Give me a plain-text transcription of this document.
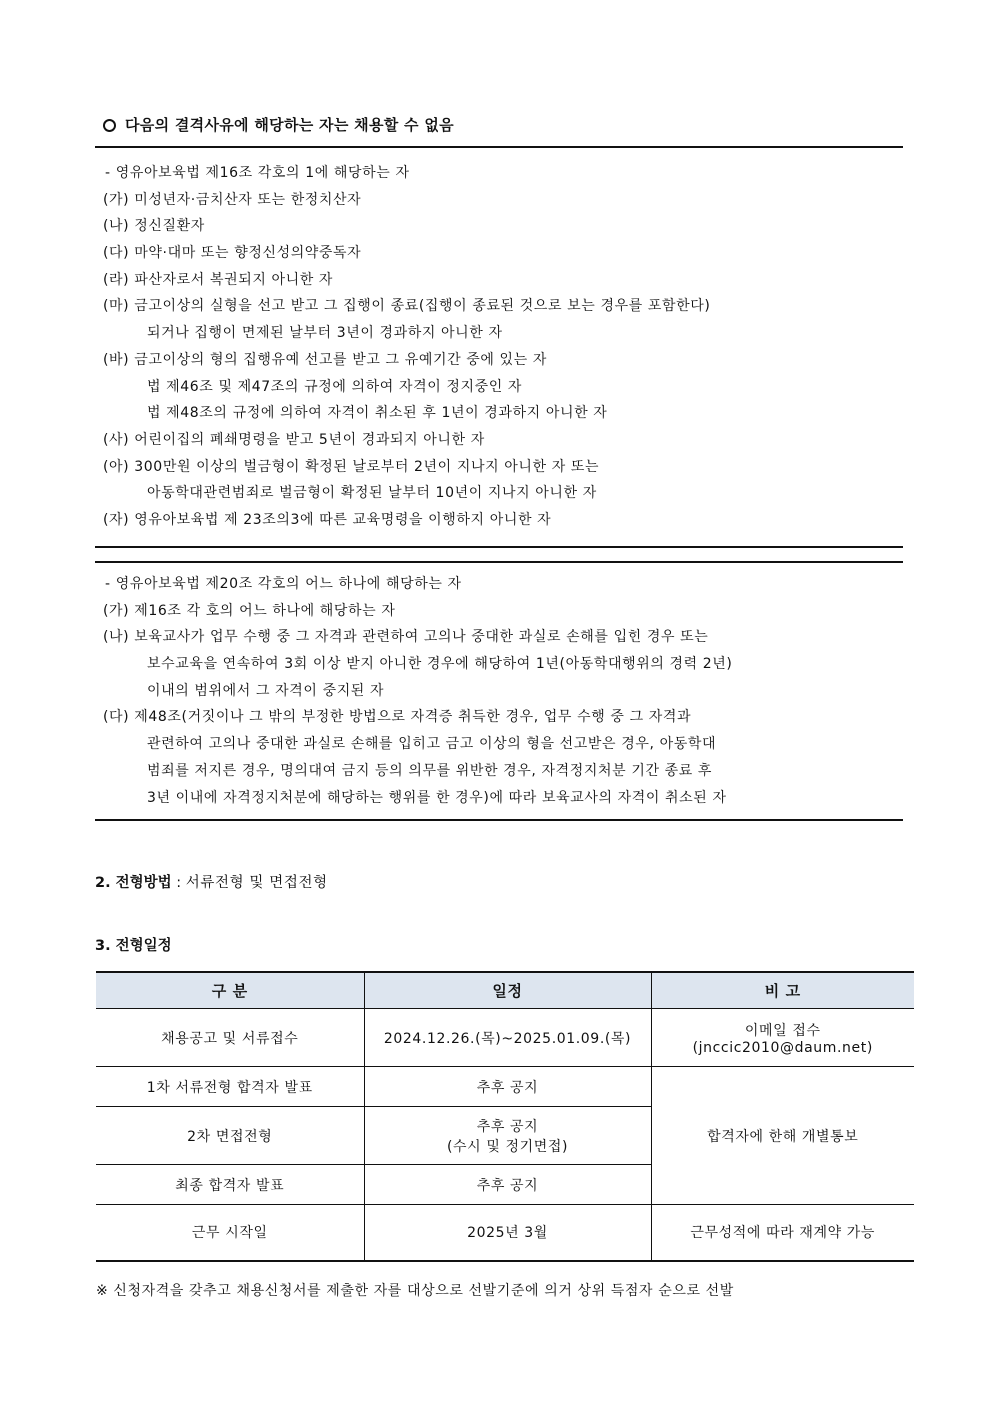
다음의 결격사유에 해당하는 자는 채용할 수 없음
- 영유아보육법 제16조 각호의 1에 해당하는 자
(가) 미성년자·금치산자 또는 한정치산자
(나) 정신질환자
(다) 마약·대마 또는 향정신성의약중독자
(라) 파산자로서 복권되지 아니한 자
(마) 금고이상의 실형을 선고 받고 그 집행이 종료(집행이 종료된 것으로 보는 경우를 포함한다)
되거나 집행이 면제된 날부터 3년이 경과하지 아니한 자
(바) 금고이상의 형의 집행유예 선고를 받고 그 유예기간 중에 있는 자
법 제46조 및 제47조의 규정에 의하여 자격이 정지중인 자
법 제48조의 규정에 의하여 자격이 취소된 후 1년이 경과하지 아니한 자
(사) 어린이집의 폐쇄명령을 받고 5년이 경과되지 아니한 자
(아) 300만원 이상의 벌금형이 확정된 날로부터 2년이 지나지 아니한 자 또는
아동학대관련범죄로 벌금형이 확정된 날부터 10년이 지나지 아니한 자
(자) 영유아보육법 제 23조의3에 따른 교육명령을 이행하지 아니한 자
- 영유아보육법 제20조 각호의 어느 하나에 해당하는 자
(가) 제16조 각 호의 어느 하나에 해당하는 자
(나) 보육교사가 업무 수행 중 그 자격과 관련하여 고의나 중대한 과실로 손해를 입힌 경우 또는
보수교육을 연속하여 3회 이상 받지 아니한 경우에 해당하여 1년(아동학대행위의 경력 2년)
이내의 범위에서 그 자격이 중지된 자
(다) 제48조(거짓이나 그 밖의 부정한 방법으로 자격증 취득한 경우, 업무 수행 중 그 자격과
관련하여 고의나 중대한 과실로 손해를 입히고 금고 이상의 형을 선고받은 경우, 아동학대
범죄를 저지른 경우, 명의대여 금지 등의 의무를 위반한 경우, 자격정지처분 기간 종료 후
3년 이내에 자격정지처분에 해당하는 행위를 한 경우)에 따라 보육교사의 자격이 취소된 자
2. 전형방법 : 서류전형 및 면접전형
3. 전형일정
구 분	일정	비 고
채용공고 및 서류접수	2024.12.26.(목)~2025.01.09.(목)	이메일 접수
(jnccic2010@daum.net)

1차 서류전형 합격자 발표	추후 공지	합격자에 한해 개별통보
2차 면접전형	추후 공지
(수시 및 정기면접)	

최종 합격자 발표	추후 공지	
근무 시작일	2025년 3월	근무성적에 따라 재계약 가능
※ 신청자격을 갖추고 채용신청서를 제출한 자를 대상으로 선발기준에 의거 상위 득점자 순으로 선발
